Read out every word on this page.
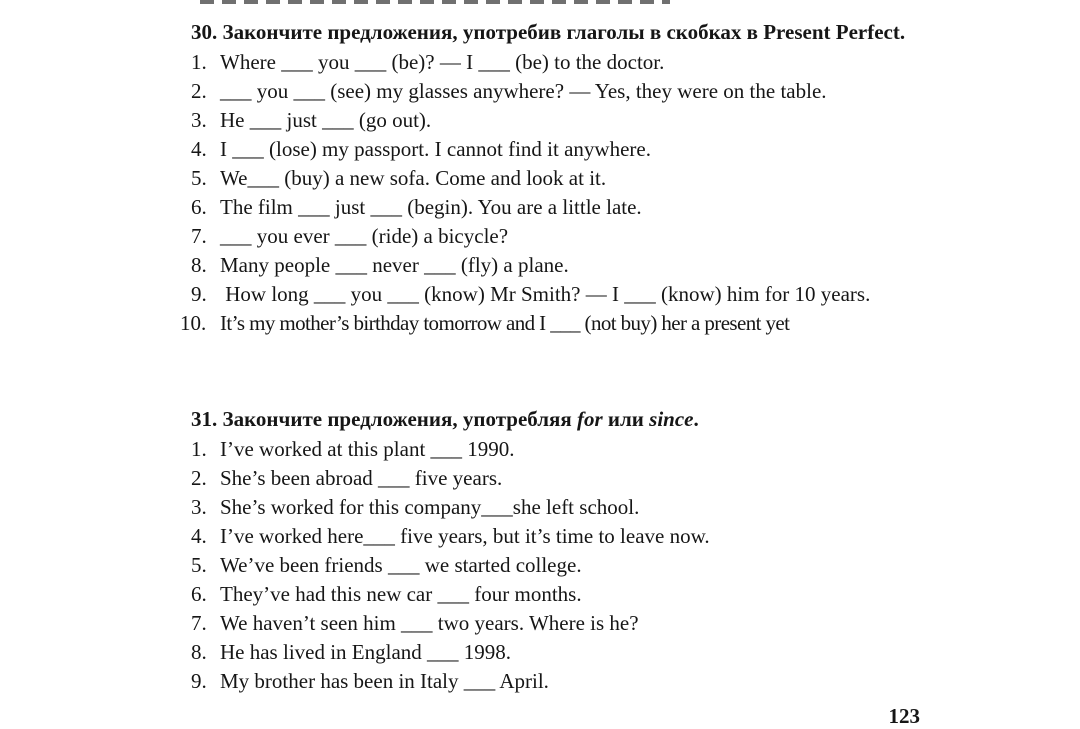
30. Закончите предложения, употребив глаголы в скобках в Present Perfect.
1. Where ___ you ___ (be)? — I ___ (be) to the doctor.
2. ___ you ___ (see) my glasses anywhere? — Yes, they were on the table.
3. He ___ just ___ (go out).
4. I ___ (lose) my passport. I cannot find it anywhere.
5. We___ (buy) a new sofa. Come and look at it.
6. The film ___ just ___ (begin). You are a little late.
7. ___ you ever ___ (ride) a bicycle?
8. Many people ___ never ___ (fly) a plane.
9. How long ___ you ___ (know) Mr Smith? — I ___ (know) him for 10 years.
10. It’s my mother’s birthday tomorrow and I ___ (not buy) her a present yet
31. Закончите предложения, употребляя for или since.
1. I’ve worked at this plant ___ 1990.
2. She’s been abroad ___ five years.
3. She’s worked for this company___she left school.
4. I’ve worked here___ five years, but it’s time to leave now.
5. We’ve been friends ___ we started college.
6. They’ve had this new car ___ four months.
7. We haven’t seen him ___ two years. Where is he?
8. He has lived in England ___ 1998.
9. My brother has been in Italy ___ April.
123
